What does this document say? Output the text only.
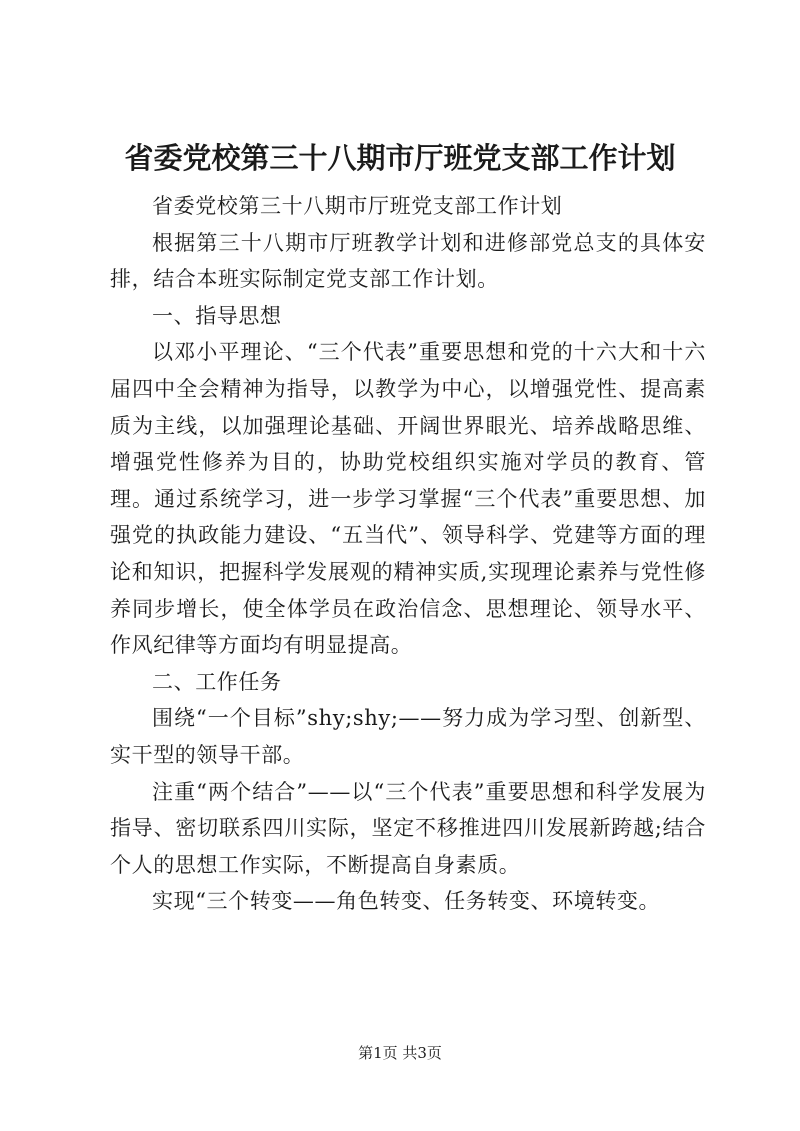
省委党校第三十八期市厅班党支部工作计划

省委党校第三十八期市厅班党支部工作计划

根据第三十八期市厅班教学计划和进修部党总支的具体安排，结合本班实际制定党支部工作计划。

一、指导思想

以邓小平理论、“三个代表”重要思想和党的十六大和十六届四中全会精神为指导，以教学为中心，以增强党性、提高素质为主线，以加强理论基础、开阔世界眼光、培养战略思维、增强党性修养为目的，协助党校组织实施对学员的教育、管理。通过系统学习，进一步学习掌握“三个代表”重要思想、加强党的执政能力建设、“五当代”、领导科学、党建等方面的理论和知识，把握科学发展观的精神实质,实现理论素养与党性修养同步增长，使全体学员在政治信念、思想理论、领导水平、作风纪律等方面均有明显提高。

二、工作任务

围绕“一个目标”shy;shy;——努力成为学习型、创新型、实干型的领导干部。

注重“两个结合”——以“三个代表”重要思想和科学发展为指导、密切联系四川实际，坚定不移推进四川发展新跨越;结合个人的思想工作实际，不断提高自身素质。

实现“三个转变——角色转变、任务转变、环境转变。

第1页 共3页
